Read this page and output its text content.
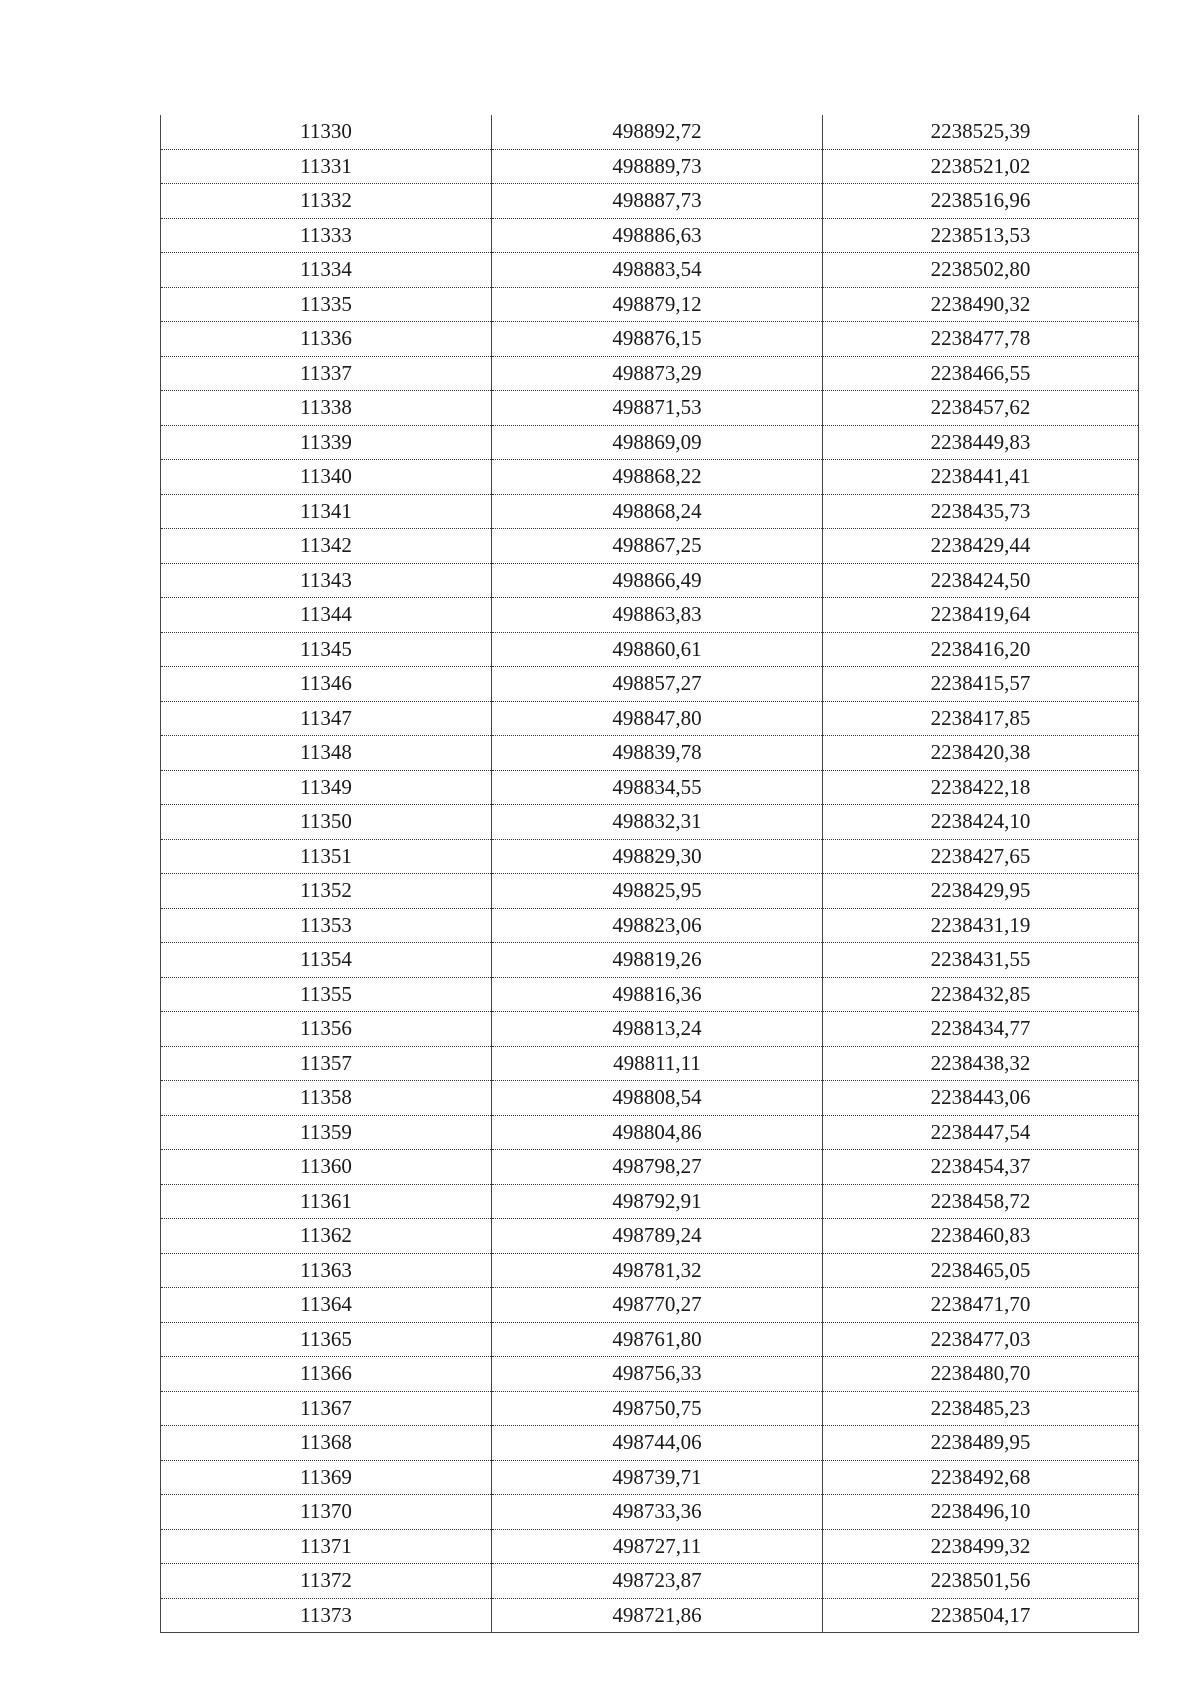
11330	498892,72	2238525,39
11331	498889,73	2238521,02
11332	498887,73	2238516,96
11333	498886,63	2238513,53
11334	498883,54	2238502,80
11335	498879,12	2238490,32
11336	498876,15	2238477,78
11337	498873,29	2238466,55
11338	498871,53	2238457,62
11339	498869,09	2238449,83
11340	498868,22	2238441,41
11341	498868,24	2238435,73
11342	498867,25	2238429,44
11343	498866,49	2238424,50
11344	498863,83	2238419,64
11345	498860,61	2238416,20
11346	498857,27	2238415,57
11347	498847,80	2238417,85
11348	498839,78	2238420,38
11349	498834,55	2238422,18
11350	498832,31	2238424,10
11351	498829,30	2238427,65
11352	498825,95	2238429,95
11353	498823,06	2238431,19
11354	498819,26	2238431,55
11355	498816,36	2238432,85
11356	498813,24	2238434,77
11357	498811,11	2238438,32
11358	498808,54	2238443,06
11359	498804,86	2238447,54
11360	498798,27	2238454,37
11361	498792,91	2238458,72
11362	498789,24	2238460,83
11363	498781,32	2238465,05
11364	498770,27	2238471,70
11365	498761,80	2238477,03
11366	498756,33	2238480,70
11367	498750,75	2238485,23
11368	498744,06	2238489,95
11369	498739,71	2238492,68
11370	498733,36	2238496,10
11371	498727,11	2238499,32
11372	498723,87	2238501,56
11373	498721,86	2238504,17
